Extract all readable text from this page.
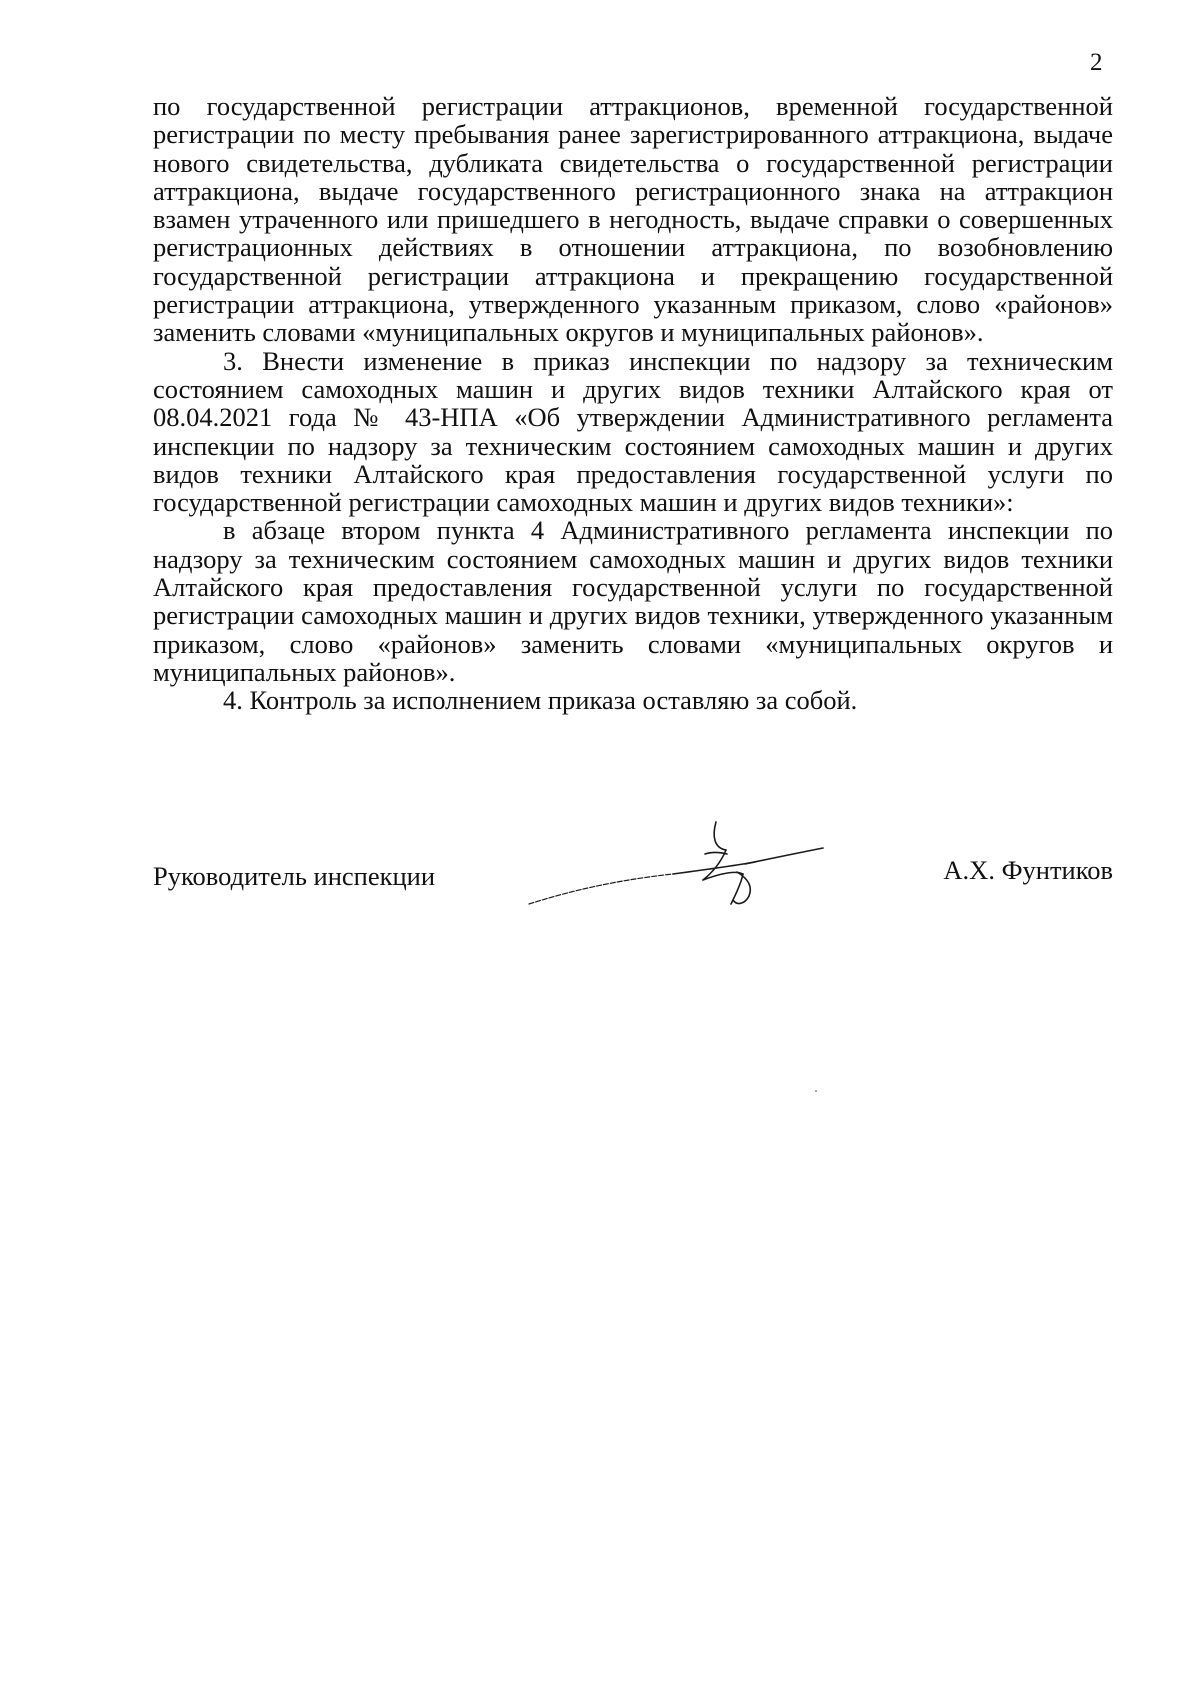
2

по государственной регистрации аттракционов, временной государственной регистрации по месту пребывания ранее зарегистрированного аттракциона, выдаче нового свидетельства, дубликата свидетельства о государственной регистрации аттракциона, выдаче государственного регистрационного знака на аттракцион взамен утраченного или пришедшего в негодность, выдаче справки о совершенных регистрационных действиях в отношении аттракциона, по возобновлению государственной регистрации аттракциона и прекращению государственной регистрации аттракциона, утвержденного указанным приказом, слово «районов» заменить словами «муниципальных округов и муниципальных районов».

3. Внести изменение в приказ инспекции по надзору за техническим состоянием самоходных машин и других видов техники Алтайского края от 08.04.2021 года № 43-НПА «Об утверждении Административного регламента инспекции по надзору за техническим состоянием самоходных машин и других видов техники Алтайского края предоставления государственной услуги по государственной регистрации самоходных машин и других видов техники»:

в абзаце втором пункта 4 Административного регламента инспекции по надзору за техническим состоянием самоходных машин и других видов техники Алтайского края предоставления государственной услуги по государственной регистрации самоходных машин и других видов техники, утвержденного указанным приказом, слово «районов» заменить словами «муниципальных округов и муниципальных районов».

4. Контроль за исполнением приказа оставляю за собой.

Руководитель инспекции	А.Х. Фунтиков
